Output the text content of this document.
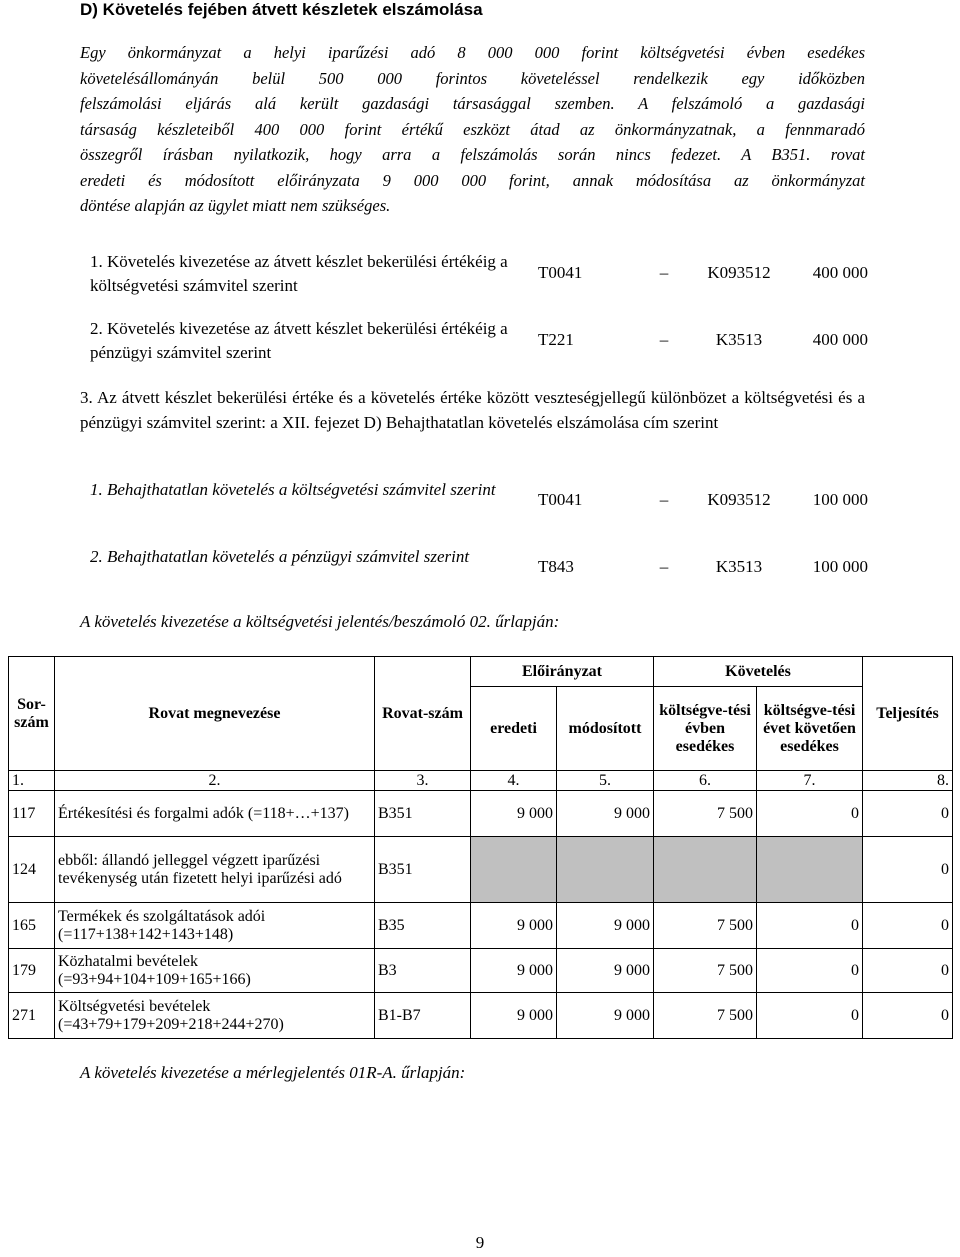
D) Követelés fejében átvett készletek elszámolása
Egy önkormányzat a helyi iparűzési adó 8 000 000 forint költségvetési évben esedékes
követelésállományán belül 500 000 forintos követeléssel rendelkezik egy időközben
felszámolási eljárás alá került gazdasági társasággal szemben. A felszámoló a gazdasági
társaság készleteiből 400 000 forint értékű eszközt átad az önkormányzatnak, a fennmaradó
összegről írásban nyilatkozik, hogy arra a felszámolás során nincs fedezet. A B351. rovat
eredeti és módosított előirányzata 9 000 000 forint, annak módosítása az önkormányzat
döntése alapján az ügylet miatt nem szükséges.
1. Követelés kivezetése az átvett készlet bekerülési értékéig a költségvetési számvitel szerint
T0041	–	K093512	400 000
2. Követelés kivezetése az átvett készlet bekerülési értékéig a pénzügyi számvitel szerint
T221	–	K3513	400 000
3. Az átvett készlet bekerülési értéke és a követelés értéke között veszteségjellegű különbözet a költségvetési és a pénzügyi számvitel szerint: a XII. fejezet D) Behajthatatlan követelés elszámolása cím szerint
1. Behajthatatlan követelés a költségvetési számvitel szerint
T0041	–	K093512	100 000
2. Behajthatatlan követelés a pénzügyi számvitel szerint
T843	–	K3513	100 000
A követelés kivezetése a költségvetési jelentés/beszámoló 02. űrlapján:
Sor-szám	Rovat megnevezése	Rovat-szám	Előirányzat		Követelés		Teljesítés
			eredeti	módosított	költségve-tési évben esedékes	költségve-tési évet követően esedékes	
1.	2.	3.	4.	5.	6.	7.	8.
117	Értékesítési és forgalmi adók (=118+…+137)	B351	9 000	9 000	7 500	0	0
124	ebből: állandó jelleggel végzett iparűzési tevékenység után fizetett helyi iparűzési adó	B351					0
165	Termékek és szolgáltatások adói (=117+138+142+143+148)	B35	9 000	9 000	7 500	0	0
179	Közhatalmi bevételek (=93+94+104+109+165+166)	B3	9 000	9 000	7 500	0	0
271	Költségvetési bevételek (=43+79+179+209+218+244+270)	B1-B7	9 000	9 000	7 500	0	0
A követelés kivezetése a mérlegjelentés 01R-A. űrlapján:
9
